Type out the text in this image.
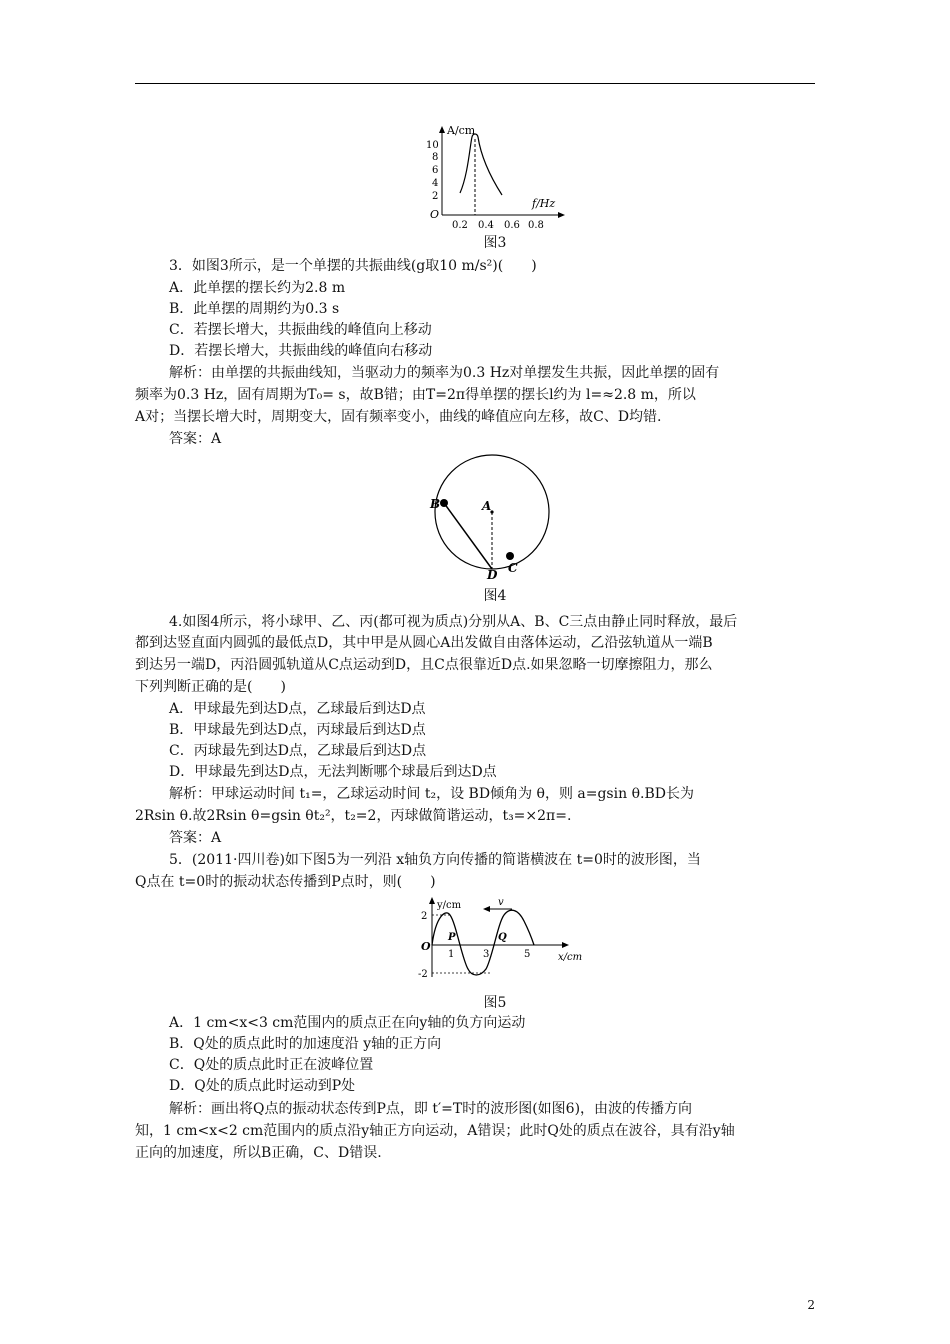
A/cm
f/Hz
O
10
8
6
4
2
0.2 0.4 0.6 0.8
图3
3．如图3所示，是一个单摆的共振曲线(g取10 m/s²)(　　)
A．此单摆的摆长约为2.8 m
B．此单摆的周期约为0.3 s
C．若摆长增大，共振曲线的峰值向上移动
D．若摆长增大，共振曲线的峰值向右移动
解析：由单摆的共振曲线知，当驱动力的频率为0.3 Hz对单摆发生共振，因此单摆的固有
频率为0.3 Hz，固有周期为T₀= s，故B错；由T=2π得单摆的摆长l约为 l=≈2.8 m，所以
A对；当摆长增大时，周期变大，固有频率变小，曲线的峰值应向左移，故C、D均错.
答案：A
B	A
D C
图4
4.如图4所示，将小球甲、乙、丙(都可视为质点)分别从A、B、C三点由静止同时释放，最后
都到达竖直面内圆弧的最低点D，其中甲是从圆心A出发做自由落体运动，乙沿弦轨道从一端B
到达另一端D，丙沿圆弧轨道从C点运动到D，且C点很靠近D点.如果忽略一切摩擦阻力，那么
下列判断正确的是(　　)
A．甲球最先到达D点，乙球最后到达D点
B．甲球最先到达D点，丙球最后到达D点
C．丙球最先到达D点，乙球最后到达D点
D．甲球最先到达D点，无法判断哪个球最后到达D点
解析：甲球运动时间 t₁=，乙球运动时间 t₂，设 BD倾角为 θ，则 a=gsin θ.BD长为
2Rsin θ.故2Rsin θ=gsin θt₂²，t₂=2，丙球做简谐运动，t₃=×2π=.
答案：A
5．(2011·四川卷)如下图5为一列沿 x轴负方向传播的简谐横波在 t=0时的波形图，当
Q点在 t=0时的振动状态传播到P点时，则(　　)
y/cm
x/cm
O
2
-2
P	Q
1	3	5
v
图5
A．1 cm<x<3 cm范围内的质点正在向y轴的负方向运动
B．Q处的质点此时的加速度沿 y轴的正方向
C．Q处的质点此时正在波峰位置
D．Q处的质点此时运动到P处
解析：画出将Q点的振动状态传到P点，即 t′=T时的波形图(如图6)，由波的传播方向
知，1 cm<x<2 cm范围内的质点沿y轴正方向运动，A错误；此时Q处的质点在波谷，具有沿y轴
正向的加速度，所以B正确，C、D错误.
2
